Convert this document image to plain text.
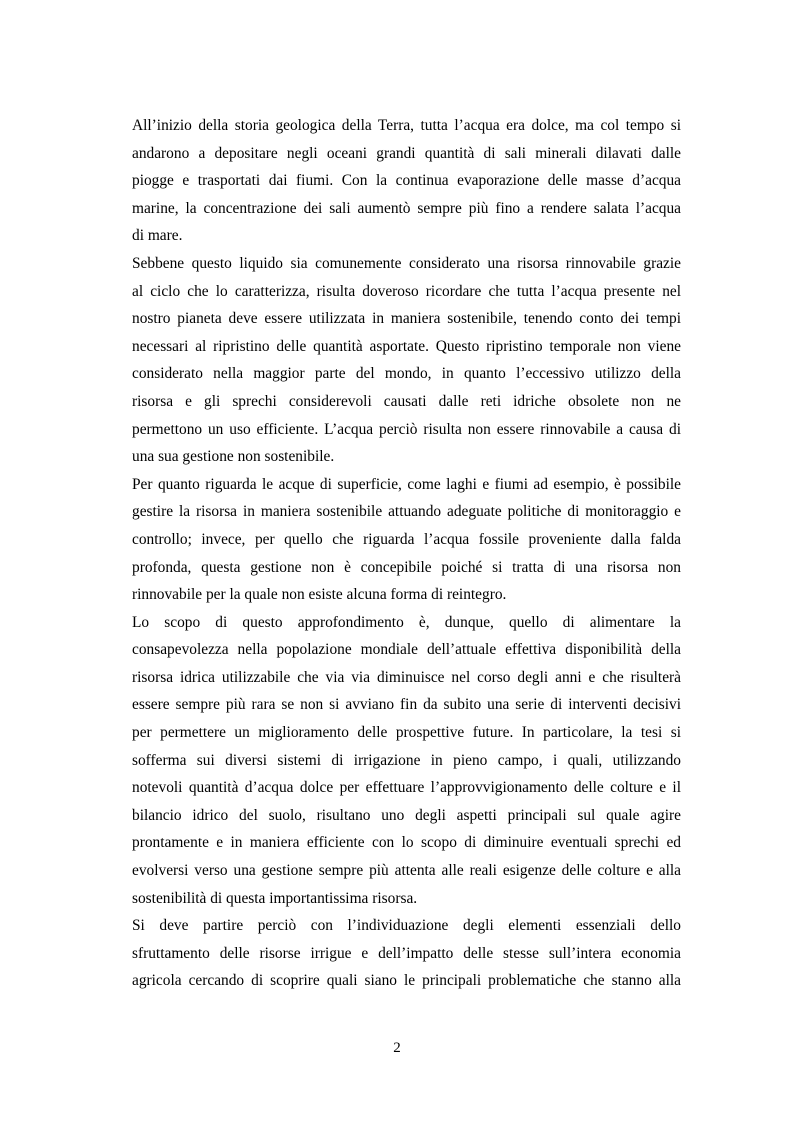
All’inizio della storia geologica della Terra, tutta l’acqua era dolce, ma col tempo si
andarono a depositare negli oceani grandi quantità di sali minerali dilavati dalle
piogge e trasportati dai fiumi. Con la continua evaporazione delle masse d’acqua
marine, la concentrazione dei sali aumentò sempre più fino a rendere salata l’acqua
di mare.
Sebbene questo liquido sia comunemente considerato una risorsa rinnovabile grazie
al ciclo che lo caratterizza, risulta doveroso ricordare che tutta l’acqua presente nel
nostro pianeta deve essere utilizzata in maniera sostenibile, tenendo conto dei tempi
necessari al ripristino delle quantità asportate. Questo ripristino temporale non viene
considerato nella maggior parte del mondo, in quanto l’eccessivo utilizzo della
risorsa e gli sprechi considerevoli causati dalle reti idriche obsolete non ne
permettono un uso efficiente. L’acqua perciò risulta non essere rinnovabile a causa di
una sua gestione non sostenibile.
Per quanto riguarda le acque di superficie, come laghi e fiumi ad esempio, è possibile
gestire la risorsa in maniera sostenibile attuando adeguate politiche di monitoraggio e
controllo; invece, per quello che riguarda l’acqua fossile proveniente dalla falda
profonda, questa gestione non è concepibile poiché si tratta di una risorsa non
rinnovabile per la quale non esiste alcuna forma di reintegro.
Lo scopo di questo approfondimento è, dunque, quello di alimentare la
consapevolezza nella popolazione mondiale dell’attuale effettiva disponibilità della
risorsa idrica utilizzabile che via via diminuisce nel corso degli anni e che risulterà
essere sempre più rara se non si avviano fin da subito una serie di interventi decisivi
per permettere un miglioramento delle prospettive future. In particolare, la tesi si
sofferma sui diversi sistemi di irrigazione in pieno campo, i quali, utilizzando
notevoli quantità d’acqua dolce per effettuare l’approvvigionamento delle colture e il
bilancio idrico del suolo, risultano uno degli aspetti principali sul quale agire
prontamente e in maniera efficiente con lo scopo di diminuire eventuali sprechi ed
evolversi verso una gestione sempre più attenta alle reali esigenze delle colture e alla
sostenibilità di questa importantissima risorsa.
Si deve partire perciò con l’individuazione degli elementi essenziali dello
sfruttamento delle risorse irrigue e dell’impatto delle stesse sull’intera economia
agricola cercando di scoprire quali siano le principali problematiche che stanno alla
2
